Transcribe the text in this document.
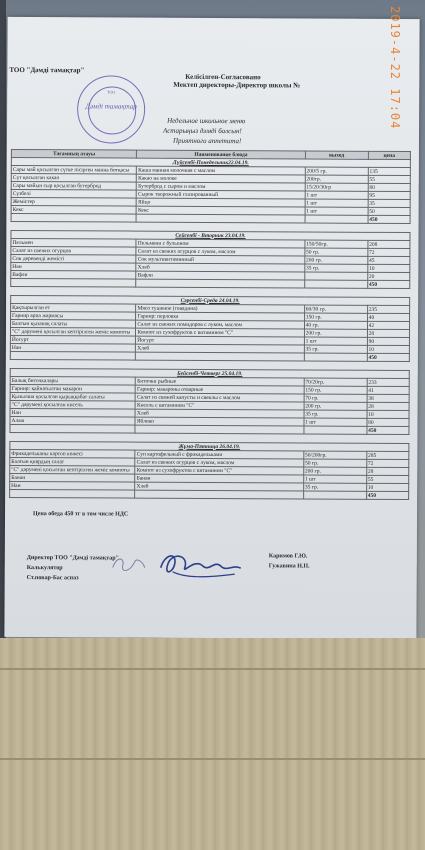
ТОО "Дәмді тамақтар"
Келісілген-Согласовано
Мектеп директоры-Директор школы №
ТОО
Дәмді тамақтар
Недельное школьное меню
Астарыңыз дәмді болсын!
Приятного аппетита!
Тағамның атауы	Наименование блюда	выход	цена
Дүйсенбі-Понедельник22.04.19.			
Сары май қосылған сүтке пісірген манна ботқасы	Каша манная молочная с маслом	200/5 гр.	135
Сүт қосылған какао	Какао на молоке	200гр.	55
Сары майын сыр қосылған бутерброд	Бутерброд с сыром и маслом	15/20/30гр	80
Сүзбелі	Сырок творожный глазированный	1 шт	95
Жемістер	Яйцо	1 шт	35
Кекс	Кекс	1 шт	50
			450

Сейсенбі - Вторник 23.04.19.			
Пельмен	Пельмени с бульоном	150/50гр.	208
Салат из свежих огурцов	Салат из свежих огурцов с луком, маслом	50 гр.	72
Сок деревенді жемісті	Сок мультивитаминный	200 гр.	45
Нан	Хлеб	35 гр.	10
Вафли	Вафли		20
			450

Сәрсенбі-Среда 24.04.19.			
Қақтырылған ет	Мясо тушеное (говядина)	60/30 гр.	235
Гарнир арпа жармасы	Гарнир: перловка	150 гр.	40
Балғын қызанақ салаты	Салат из свежих помидоров с луком, маслом	40 гр.	42
"С" дәруменi қосылған кептірілген жеміс компоты	Компот из сухофруктов с витамином "С"	200 гр.	28
Йогурт	Йогурт	1 шт	90
Нан	Хлеб	35 гр.	10
			450

Бейсенбі-Четверг 25.04.19.			
Балық биточкалары	Биточки рыбные	70/20гр.	233
Гарнир: қайнатылған макарон	Гарнир: макароны отварные	150 гр.	41
Қызылша қосылған қырыққабат салаты	Салат из свежей капусты и свеклы с маслом	70 гр.	38
"С" дәруменi қосылған кисель	Кисель с витамином "С"	200 гр.	28
Нан	Хлеб	35 гр.	10
Алма	Яблоко	1 шт	80
			450

Жұма-Пятница 26.04.19.			
Фрикадельканы картоп көжесі	Суп картофельный с фрикадельками	50/200гр.	285
Балғын қиярдың салат	Салат из свежих огурцов с луком, маслом	50 гр.	72
"С" дәруменi қосылған кептірілген жеміс компоты	Компот из сухофруктов с витамином "С"	200 гр.	28
Банан	Банан	1 шт	55
Нан	Хлеб	35 гр.	10
			450
Цена обеда 450 тг в том числе НДС
Директор ТОО "Дәмді тамақтар"
Калькулятор
Ст.повар-Бас аспаз
Каримов Г.Ю.
Гужавина Н.П.
2019-4-22 17:04
